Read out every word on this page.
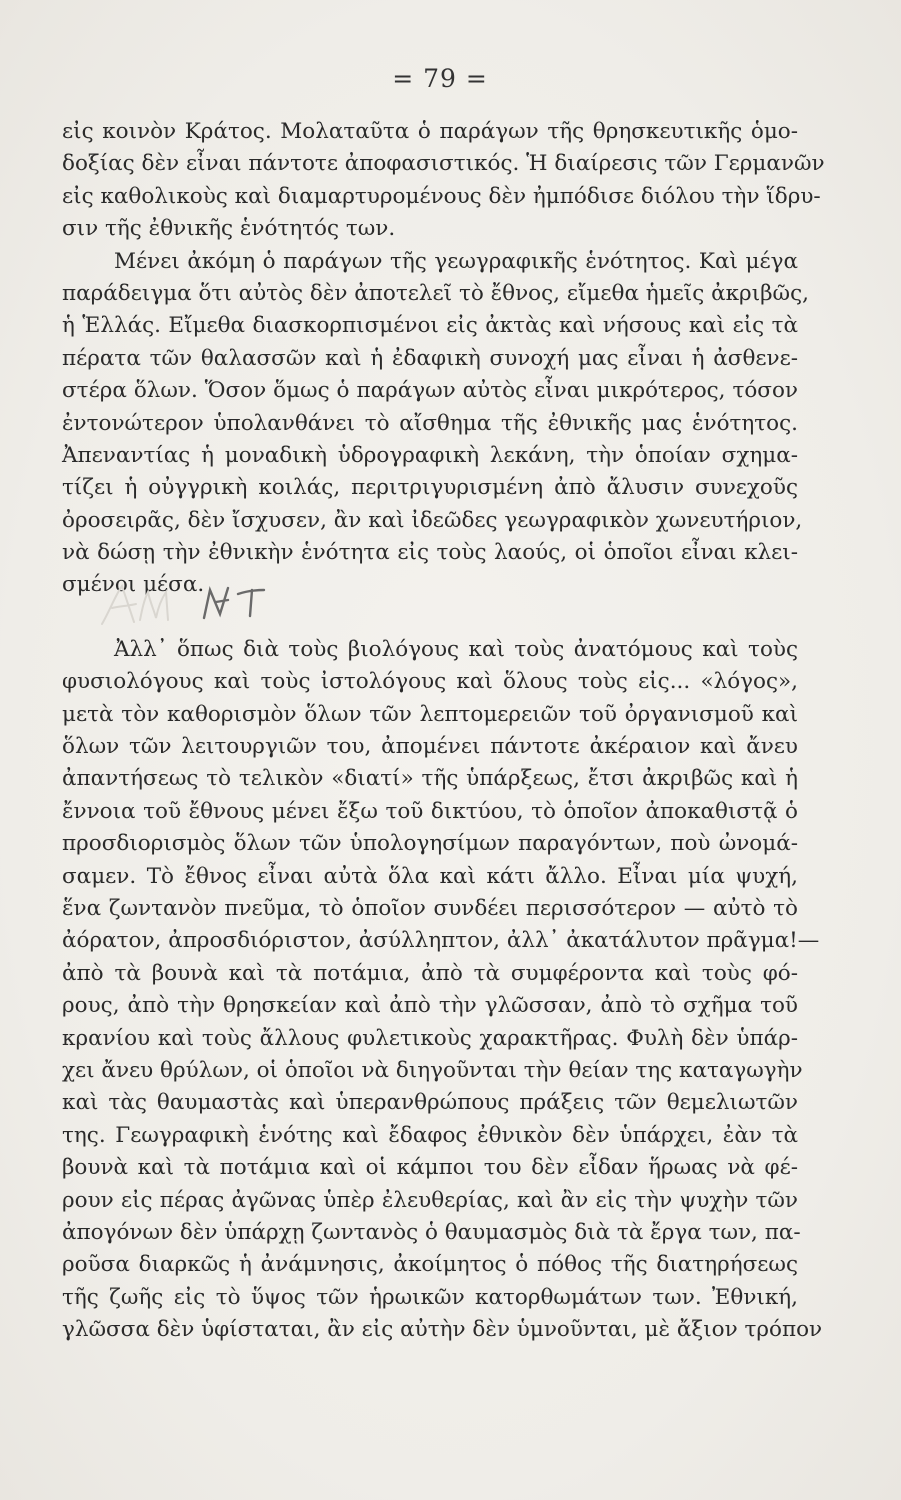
= 79 =
εἰς κοινὸν Κράτος. Μολαταῦτα ὁ παράγων τῆς θρησκευτικῆς ὁμο-
δοξίας δὲν εἶναι πάντοτε ἀποφασιστικός. Ἡ διαίρεσις τῶν Γερμανῶν
εἰς καθολικοὺς καὶ διαμαρτυρομένους δὲν ἠμπόδισε διόλου τὴν ἵδρυ-
σιν τῆς ἐθνικῆς ἑνότητός των.
Μένει ἀκόμη ὁ παράγων τῆς γεωγραφικῆς ἑνότητος. Καὶ μέγα
παράδειγμα ὅτι αὐτὸς δὲν ἀποτελεῖ τὸ ἔθνος, εἴμεθα ἡμεῖς ἀκριβῶς,
ἡ Ἑλλάς. Εἴμεθα διασκορπισμένοι εἰς ἀκτὰς καὶ νήσους καὶ εἰς τὰ
πέρατα τῶν θαλασσῶν καὶ ἡ ἐδαφικὴ συνοχή μας εἶναι ἡ ἀσθενε-
στέρα ὅλων. Ὅσον ὅμως ὁ παράγων αὐτὸς εἶναι μικρότερος, τόσον
ἐντονώτερον ὑπολανθάνει τὸ αἴσθημα τῆς ἐθνικῆς μας ἑνότητος.
Ἀπεναντίας ἡ μοναδικὴ ὑδρογραφικὴ λεκάνη, τὴν ὁποίαν σχημα-
τίζει ἡ οὐγγρικὴ κοιλάς, περιτριγυρισμένη ἀπὸ ἄλυσιν συνεχοῦς
ὀροσειρᾶς, δὲν ἴσχυσεν, ἂν καὶ ἰδεῶδες γεωγραφικὸν χωνευτήριον,
νὰ δώσῃ τὴν ἐθνικὴν ἑνότητα εἰς τοὺς λαούς, οἱ ὁποῖοι εἶναι κλει-
σμένοι μέσα.
Ἀλλ᾽ ὅπως διὰ τοὺς βιολόγους καὶ τοὺς ἀνατόμους καὶ τοὺς
φυσιολόγους καὶ τοὺς ἰστολόγους καὶ ὅλους τοὺς εἰς... «λόγος»,
μετὰ τὸν καθορισμὸν ὅλων τῶν λεπτομερειῶν τοῦ ὀργανισμοῦ καὶ
ὅλων τῶν λειτουργιῶν του, ἀπομένει πάντοτε ἀκέραιον καὶ ἄνευ
ἀπαντήσεως τὸ τελικὸν «διατί» τῆς ὑπάρξεως, ἔτσι ἀκριβῶς καὶ ἡ
ἔννοια τοῦ ἔθνους μένει ἔξω τοῦ δικτύου, τὸ ὁποῖον ἀποκαθιστᾷ ὁ
προσδιορισμὸς ὅλων τῶν ὑπολογησίμων παραγόντων, ποὺ ὠνομά-
σαμεν. Τὸ ἔθνος εἶναι αὐτὰ ὅλα καὶ κάτι ἄλλο. Εἶναι μία ψυχή,
ἕνα ζωντανὸν πνεῦμα, τὸ ὁποῖον συνδέει περισσότερον — αὐτὸ τὸ
ἀόρατον, ἀπροσδιόριστον, ἀσύλληπτον, ἀλλ᾽ ἀκατάλυτον πρᾶγμα!—
ἀπὸ τὰ βουνὰ καὶ τὰ ποτάμια, ἀπὸ τὰ συμφέροντα καὶ τοὺς φό-
ρους, ἀπὸ τὴν θρησκείαν καὶ ἀπὸ τὴν γλῶσσαν, ἀπὸ τὸ σχῆμα τοῦ
κρανίου καὶ τοὺς ἄλλους φυλετικοὺς χαρακτῆρας. Φυλὴ δὲν ὑπάρ-
χει ἄνευ θρύλων, οἱ ὁποῖοι νὰ διηγοῦνται τὴν θείαν της καταγωγὴν
καὶ τὰς θαυμαστὰς καὶ ὑπερανθρώπους πράξεις τῶν θεμελιωτῶν
της. Γεωγραφικὴ ἑνότης καὶ ἔδαφος ἐθνικὸν δὲν ὑπάρχει, ἐὰν τὰ
βουνὰ καὶ τὰ ποτάμια καὶ οἱ κάμποι του δὲν εἶδαν ἥρωας νὰ φέ-
ρουν εἰς πέρας ἀγῶνας ὑπὲρ ἐλευθερίας, καὶ ἂν εἰς τὴν ψυχὴν τῶν
ἀπογόνων δὲν ὑπάρχῃ ζωντανὸς ὁ θαυμασμὸς διὰ τὰ ἔργα των, πα-
ροῦσα διαρκῶς ἡ ἀνάμνησις, ἀκοίμητος ὁ πόθος τῆς διατηρήσεως
τῆς ζωῆς εἰς τὸ ὕψος τῶν ἡρωικῶν κατορθωμάτων των. Ἐθνική,
γλῶσσα δὲν ὑφίσταται, ἂν εἰς αὐτὴν δὲν ὑμνοῦνται, μὲ ἄξιον τρόπον
